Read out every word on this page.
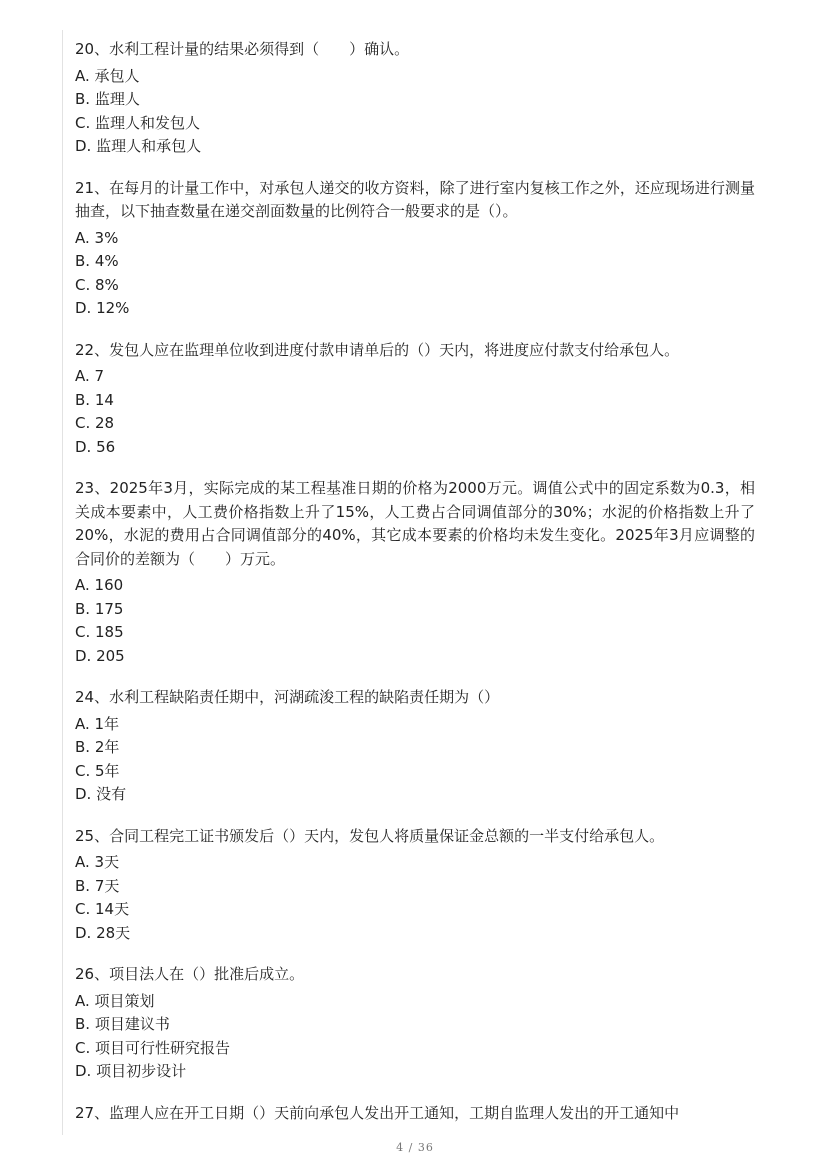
20、水利工程计量的结果必须得到（　　）确认。

A. 承包人

B. 监理人

C. 监理人和发包人

D. 监理人和承包人

21、在每月的计量工作中，对承包人递交的收方资料，除了进行室内复核工作之外，还应现场进行测量抽查，以下抽查数量在递交剖面数量的比例符合一般要求的是（）。

A. 3%

B. 4%

C. 8%

D. 12%

22、发包人应在监理单位收到进度付款申请单后的（）天内，将进度应付款支付给承包人。

A. 7

B. 14

C. 28

D. 56

23、2025年3月，实际完成的某工程基准日期的价格为2000万元。调值公式中的固定系数为0.3，相关成本要素中，人工费价格指数上升了15%，人工费占合同调值部分的30%；水泥的价格指数上升了20%，水泥的费用占合同调值部分的40%，其它成本要素的价格均未发生变化。2025年3月应调整的合同价的差额为（　　）万元。

A. 160

B. 175

C. 185

D. 205

24、水利工程缺陷责任期中，河湖疏浚工程的缺陷责任期为（）

A. 1年

B. 2年

C. 5年

D. 没有

25、合同工程完工证书颁发后（）天内，发包人将质量保证金总额的一半支付给承包人。

A. 3天

B. 7天

C. 14天

D. 28天

26、项目法人在（）批准后成立。

A. 项目策划

B. 项目建议书

C. 项目可行性研究报告

D. 项目初步设计

27、监理人应在开工日期（）天前向承包人发出开工通知，工期自监理人发出的开工通知中

4 / 36
